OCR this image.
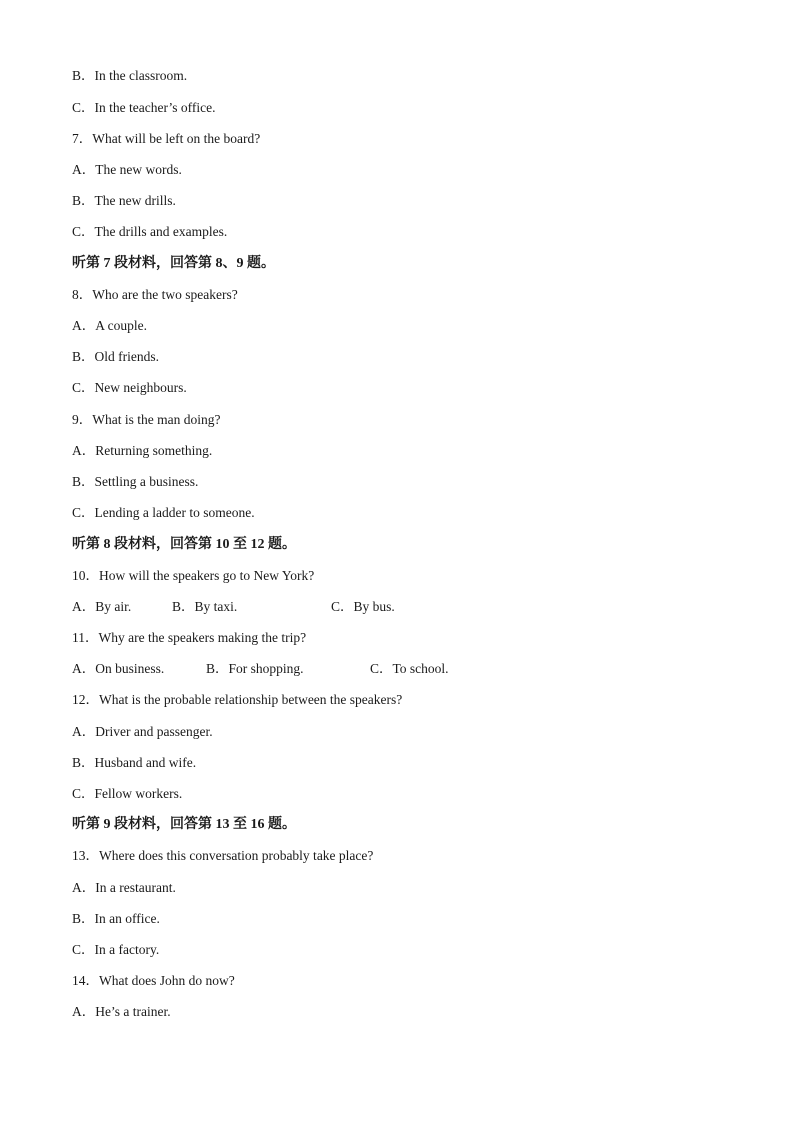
B．In the classroom.
C．In the teacher’s office.
7．What will be left on the board?
A．The new words.
B．The new drills.
C．The drills and examples.
听第 7 段材料，回答第 8、9 题。
8．Who are the two speakers?
A．A couple.
B．Old friends.
C．New neighbours.
9．What is the man doing?
A．Returning something.
B．Settling a business.
C．Lending a ladder to someone.
听第 8 段材料，回答第 10 至 12 题。
10．How will the speakers go to New York?
A．By air.	B．By taxi.	C．By bus.
11．Why are the speakers making the trip?
A．On business.	B．For shopping.	C．To school.
12．What is the probable relationship between the speakers?
A．Driver and passenger.
B．Husband and wife.
C．Fellow workers.
听第 9 段材料，回答第 13 至 16 题。
13．Where does this conversation probably take place?
A．In a restaurant.
B．In an office.
C．In a factory.
14．What does John do now?
A．He’s a trainer.
